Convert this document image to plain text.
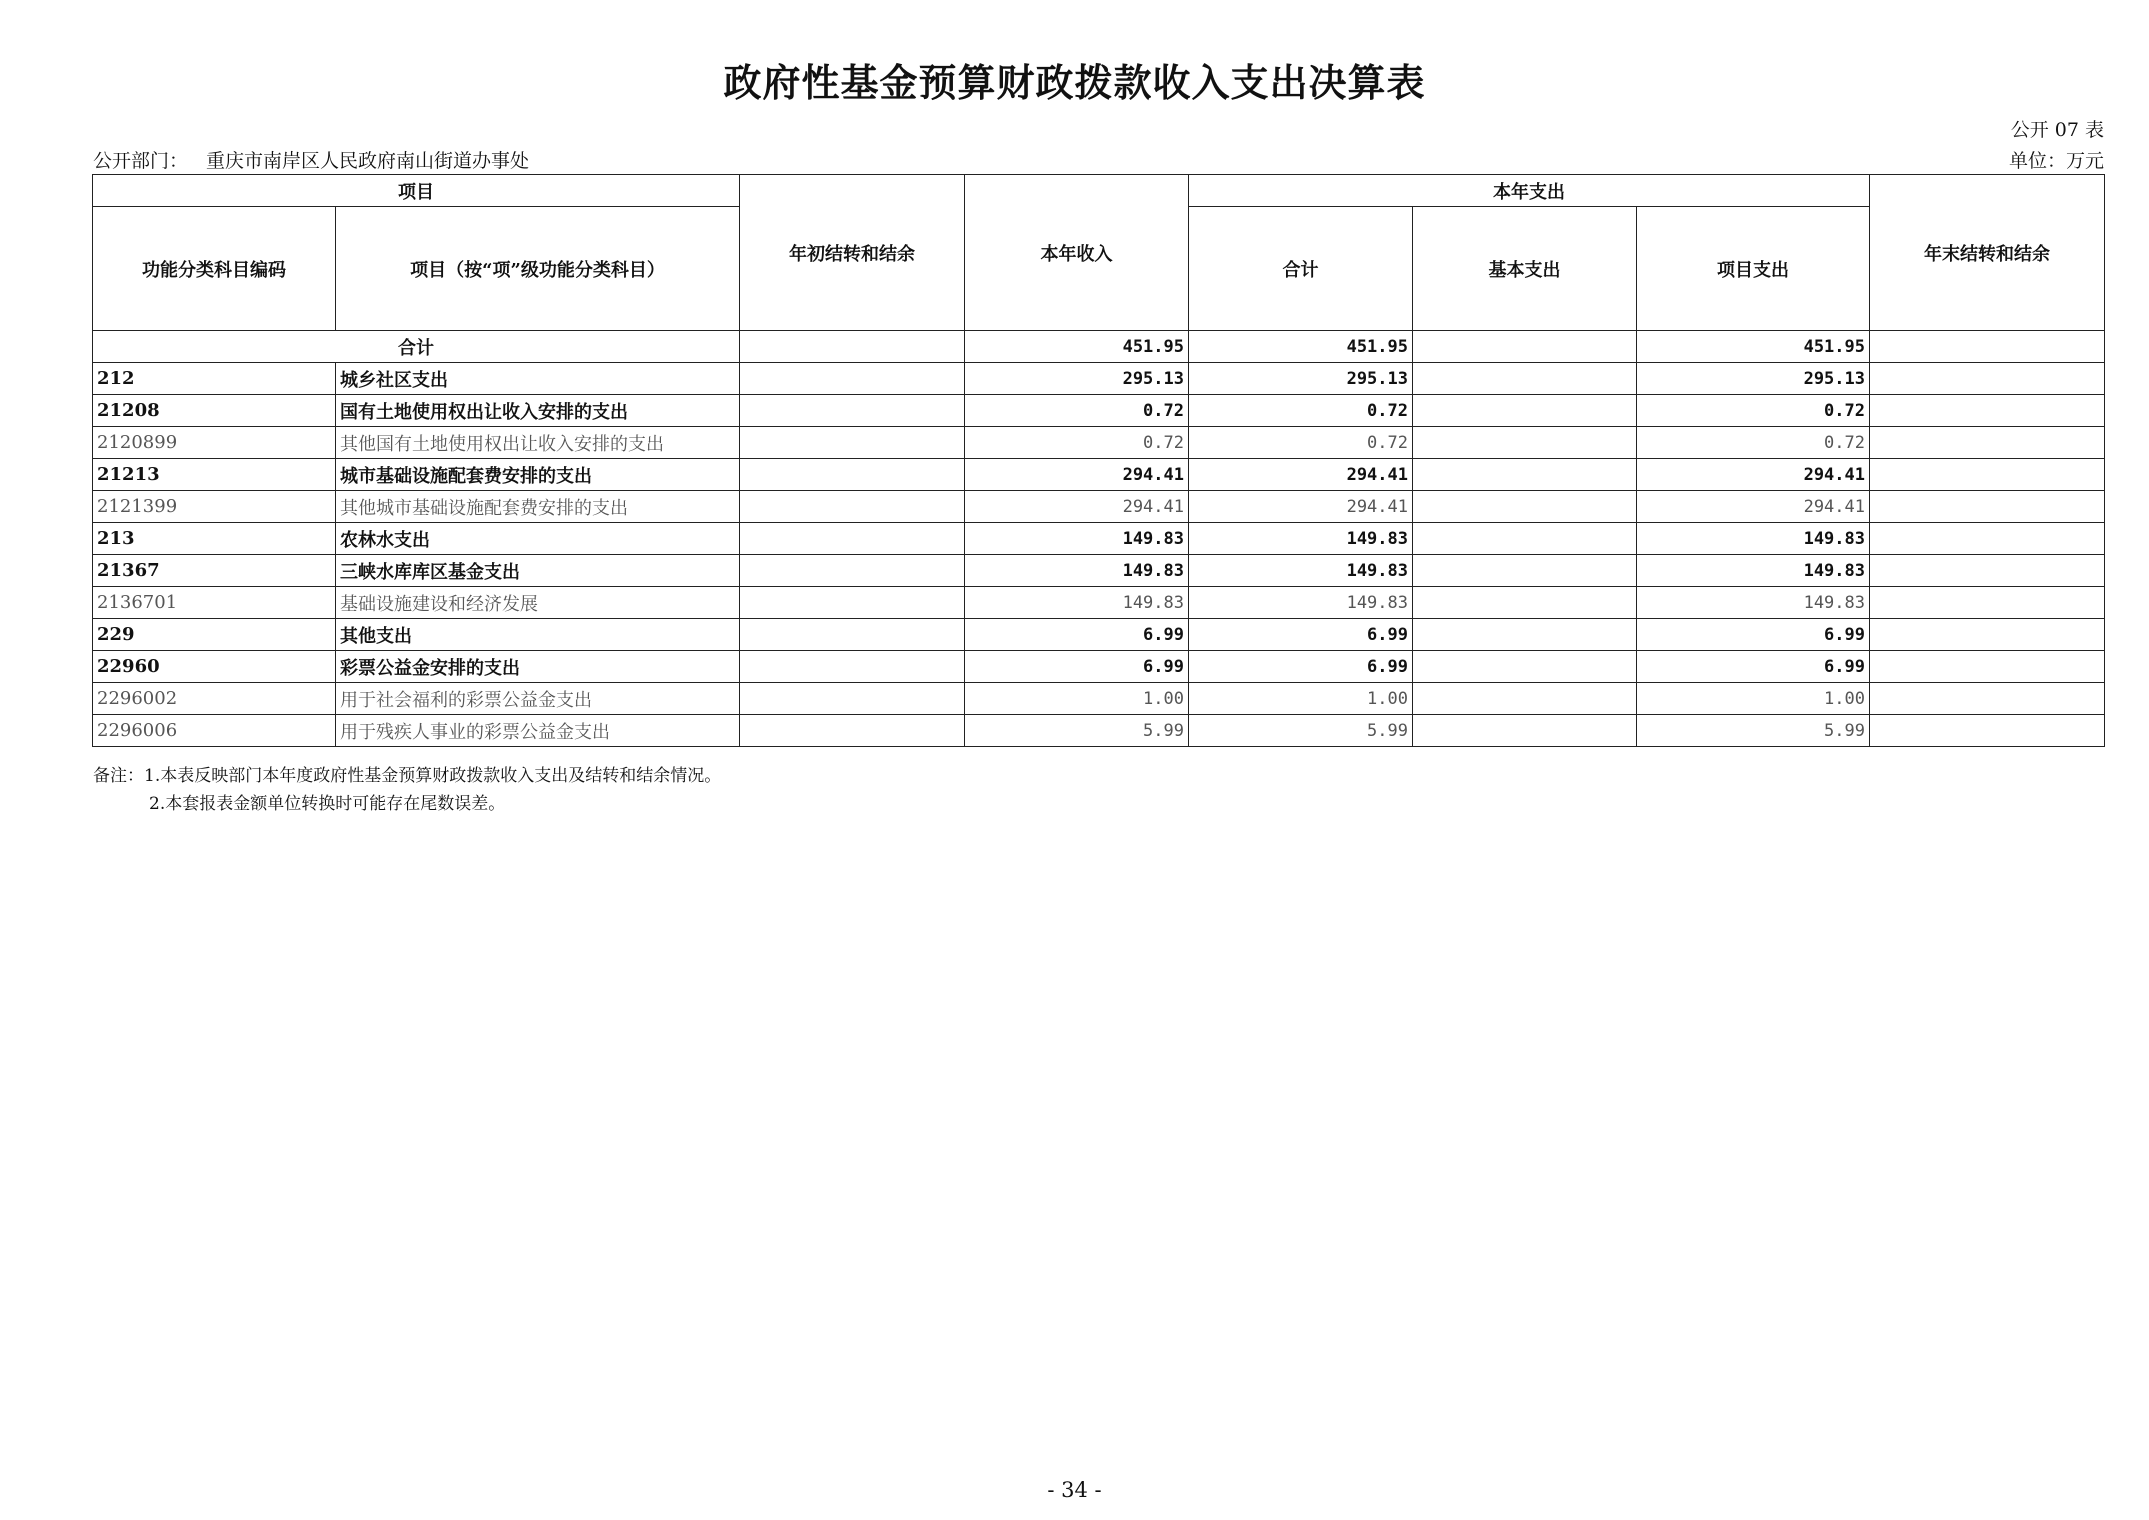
政府性基金预算财政拨款收入支出决算表
公开 07 表
公开部门： 重庆市南岸区人民政府南山街道办事处	单位：万元
项目		年初结转和结余	本年收入	本年支出			年末结转和结余
功能分类科目编码	项目（按“项”级功能分类科目）			合计	基本支出	项目支出	
合计			451.95	451.95		451.95	
212	城乡社区支出		295.13	295.13		295.13	
21208	国有土地使用权出让收入安排的支出		0.72	0.72		0.72	
2120899	其他国有土地使用权出让收入安排的支出		0.72	0.72		0.72	
21213	城市基础设施配套费安排的支出		294.41	294.41		294.41	
2121399	其他城市基础设施配套费安排的支出		294.41	294.41		294.41	
213	农林水支出		149.83	149.83		149.83	
21367	三峡水库库区基金支出		149.83	149.83		149.83	
2136701	基础设施建设和经济发展		149.83	149.83		149.83	
229	其他支出		6.99	6.99		6.99	
22960	彩票公益金安排的支出		6.99	6.99		6.99	
2296002	用于社会福利的彩票公益金支出		1.00	1.00		1.00	
2296006	用于残疾人事业的彩票公益金支出		5.99	5.99		5.99	
备注：1.本表反映部门本年度政府性基金预算财政拨款收入支出及结转和结余情况。
2.本套报表金额单位转换时可能存在尾数误差。
- 34 -
